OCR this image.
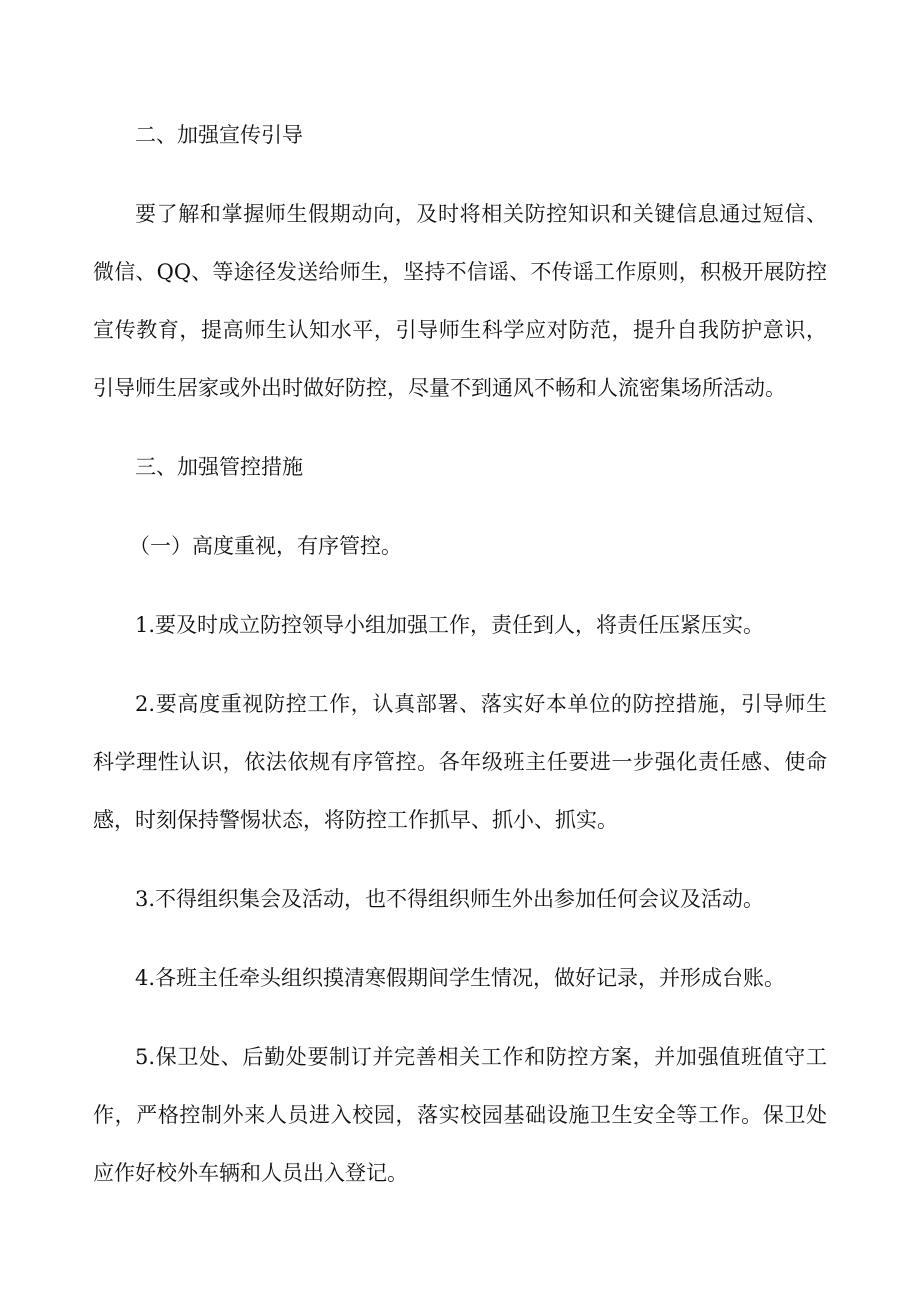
二、加强宣传引导

要了解和掌握师生假期动向，及时将相关防控知识和关键信息通过短信、微信、QQ、等途径发送给师生，坚持不信谣、不传谣工作原则，积极开展防控宣传教育，提高师生认知水平，引导师生科学应对防范，提升自我防护意识，引导师生居家或外出时做好防控，尽量不到通风不畅和人流密集场所活动。

三、加强管控措施

（一）高度重视，有序管控。

1.要及时成立防控领导小组加强工作，责任到人，将责任压紧压实。

2.要高度重视防控工作，认真部署、落实好本单位的防控措施，引导师生科学理性认识，依法依规有序管控。各年级班主任要进一步强化责任感、使命感，时刻保持警惕状态，将防控工作抓早、抓小、抓实。

3.不得组织集会及活动，也不得组织师生外出参加任何会议及活动。

4.各班主任牵头组织摸清寒假期间学生情况，做好记录，并形成台账。

5.保卫处、后勤处要制订并完善相关工作和防控方案，并加强值班值守工作，严格控制外来人员进入校园，落实校园基础设施卫生安全等工作。保卫处应作好校外车辆和人员出入登记。
